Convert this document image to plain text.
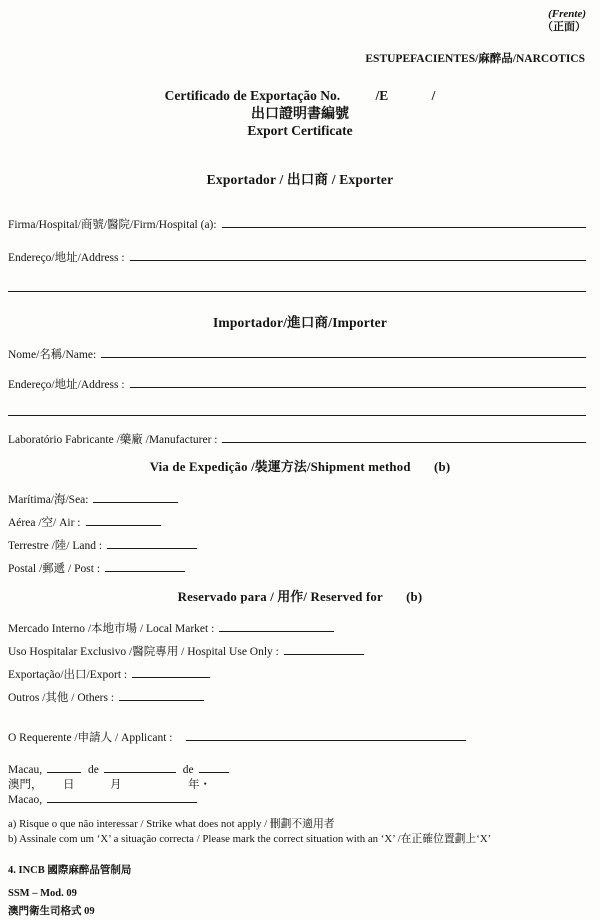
(Frente)
（正面）
ESTUPEFACIENTES/麻醉品/NARCOTICS
Certificado de Exportação No.	/E	/
出口證明書編號
Export Certificate
Exportador / 出口商 / Exporter
Firma/Hospital/商號/醫院/Firm/Hospital (a):
Endereço/地址/Address :
Importador/進口商/Importer
Nome/名稱/Name:
Endereço/地址/Address :
Laboratório Fabricante /藥廠 /Manufacturer :
Via de Expedição /裝運方法/Shipment method (b)
Marítima/海/Sea:
Aérea /空/ Air :
Terrestre /陸/ Land :
Postal /郵遞 / Post :
Reservado para / 用作/ Reserved for (b)
Mercado Interno /本地市場 / Local Market :
Uso Hospitalar Exclusivo /醫院專用 / Hospital Use Only :
Exportação/出口/Export :
Outros /其他 / Others :
O Requerente /申請人 / Applicant :
Macau,	de	de
澳門， 日	月	年・
Macao,
a) Risque o que não interessar / Strike what does not apply / 刪劃不適用者
b) Assinale com um ‘X’ a situação correcta / Please mark the correct situation with an ‘X’ /在正確位置劃上‘X’
4. INCB 國際麻醉品管制局
SSM – Mod. 09
澳門衛生司格式 09
